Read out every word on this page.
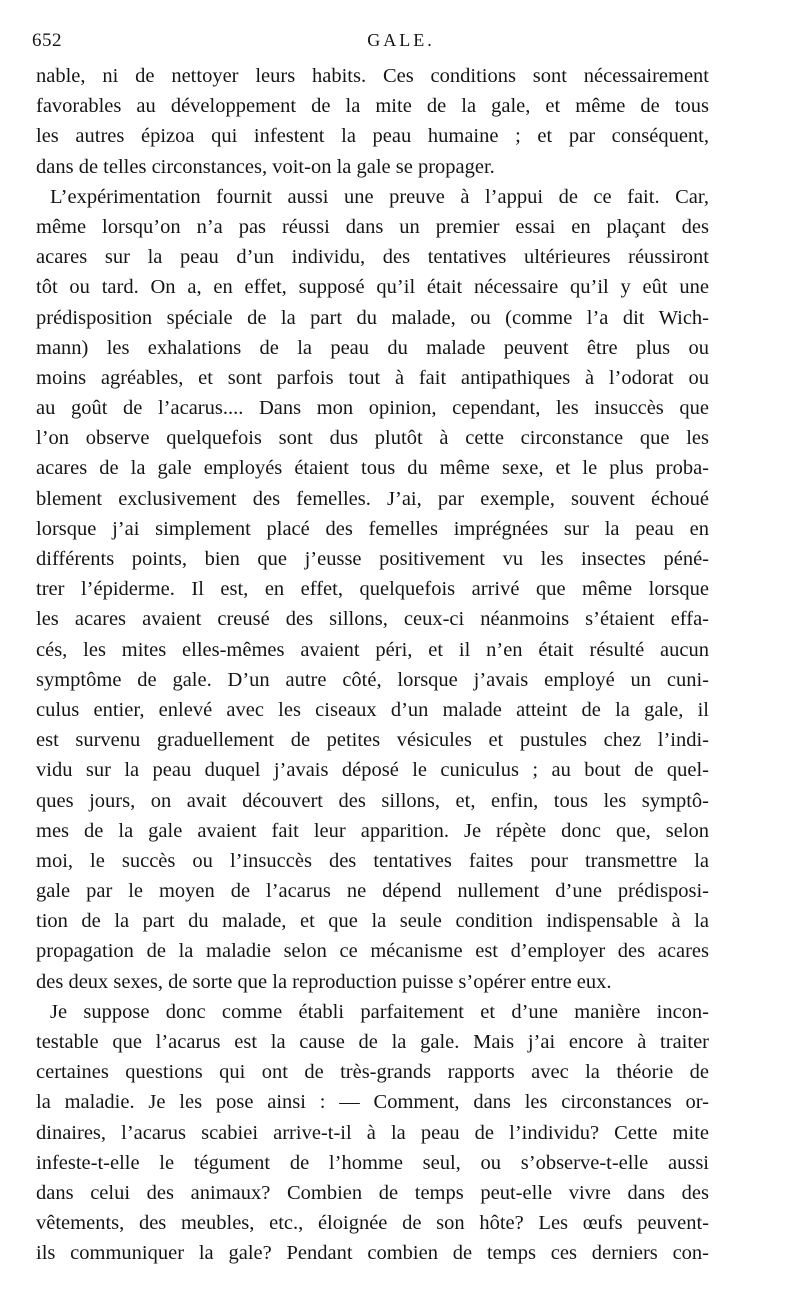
652	GALE.
nable, ni de nettoyer leurs habits. Ces conditions sont nécessairement
favorables au développement de la mite de la gale, et même de tous
les autres épizoa qui infestent la peau humaine ; et par conséquent,
dans de telles circonstances, voit-on la gale se propager.
L’expérimentation fournit aussi une preuve à l’appui de ce fait. Car,
même lorsqu’on n’a pas réussi dans un premier essai en plaçant des
acares sur la peau d’un individu, des tentatives ultérieures réussiront
tôt ou tard. On a, en effet, supposé qu’il était nécessaire qu’il y eût une
prédisposition spéciale de la part du malade, ou (comme l’a dit Wich-
mann) les exhalations de la peau du malade peuvent être plus ou
moins agréables, et sont parfois tout à fait antipathiques à l’odorat ou
au goût de l’acarus.... Dans mon opinion, cependant, les insuccès que
l’on observe quelquefois sont dus plutôt à cette circonstance que les
acares de la gale employés étaient tous du même sexe, et le plus proba-
blement exclusivement des femelles. J’ai, par exemple, souvent échoué
lorsque j’ai simplement placé des femelles imprégnées sur la peau en
différents points, bien que j’eusse positivement vu les insectes péné-
trer l’épiderme. Il est, en effet, quelquefois arrivé que même lorsque
les acares avaient creusé des sillons, ceux-ci néanmoins s’étaient effa-
cés, les mites elles-mêmes avaient péri, et il n’en était résulté aucun
symptôme de gale. D’un autre côté, lorsque j’avais employé un cuni-
culus entier, enlevé avec les ciseaux d’un malade atteint de la gale, il
est survenu graduellement de petites vésicules et pustules chez l’indi-
vidu sur la peau duquel j’avais déposé le cuniculus ; au bout de quel-
ques jours, on avait découvert des sillons, et, enfin, tous les symptô-
mes de la gale avaient fait leur apparition. Je répète donc que, selon
moi, le succès ou l’insuccès des tentatives faites pour transmettre la
gale par le moyen de l’acarus ne dépend nullement d’une prédisposi-
tion de la part du malade, et que la seule condition indispensable à la
propagation de la maladie selon ce mécanisme est d’employer des acares
des deux sexes, de sorte que la reproduction puisse s’opérer entre eux.
Je suppose donc comme établi parfaitement et d’une manière incon-
testable que l’acarus est la cause de la gale. Mais j’ai encore à traiter
certaines questions qui ont de très-grands rapports avec la théorie de
la maladie. Je les pose ainsi : — Comment, dans les circonstances or-
dinaires, l’acarus scabiei arrive-t-il à la peau de l’individu? Cette mite
infeste-t-elle le tégument de l’homme seul, ou s’observe-t-elle aussi
dans celui des animaux? Combien de temps peut-elle vivre dans des
vêtements, des meubles, etc., éloignée de son hôte? Les œufs peuvent-
ils communiquer la gale? Pendant combien de temps ces derniers con-
